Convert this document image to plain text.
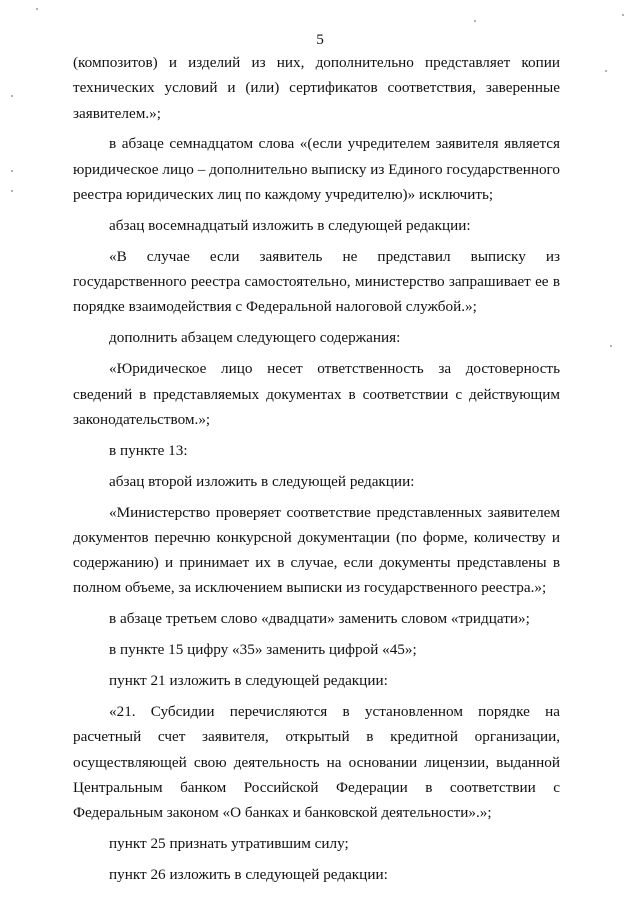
5

(композитов) и изделий из них, дополнительно представляет копии технических условий и (или) сертификатов соответствия, заверенные заявителем.»;

в абзаце семнадцатом слова «(если учредителем заявителя является юридическое лицо – дополнительно выписку из Единого государственного реестра юридических лиц по каждому учредителю)» исключить;

абзац восемнадцатый изложить в следующей редакции:

«В случае если заявитель не представил выписку из государственного реестра самостоятельно, министерство запрашивает ее в порядке взаимодействия с Федеральной налоговой службой.»;

дополнить абзацем следующего содержания:

«Юридическое лицо несет ответственность за достоверность сведений в представляемых документах в соответствии с действующим законодательством.»;

в пункте 13:

абзац второй изложить в следующей редакции:

«Министерство проверяет соответствие представленных заявителем документов перечню конкурсной документации (по форме, количеству и содержанию) и принимает их в случае, если документы представлены в полном объеме, за исключением выписки из государственного реестра.»;

в абзаце третьем слово «двадцати» заменить словом «тридцати»;

в пункте 15 цифру «35» заменить цифрой «45»;

пункт 21 изложить в следующей редакции:

«21. Субсидии перечисляются в установленном порядке на расчетный счет заявителя, открытый в кредитной организации, осуществляющей свою деятельность на основании лицензии, выданной Центральным банком Российской Федерации в соответствии с Федеральным законом «О банках и банковской деятельности».»;

пункт 25 признать утратившим силу;

пункт 26 изложить в следующей редакции:
